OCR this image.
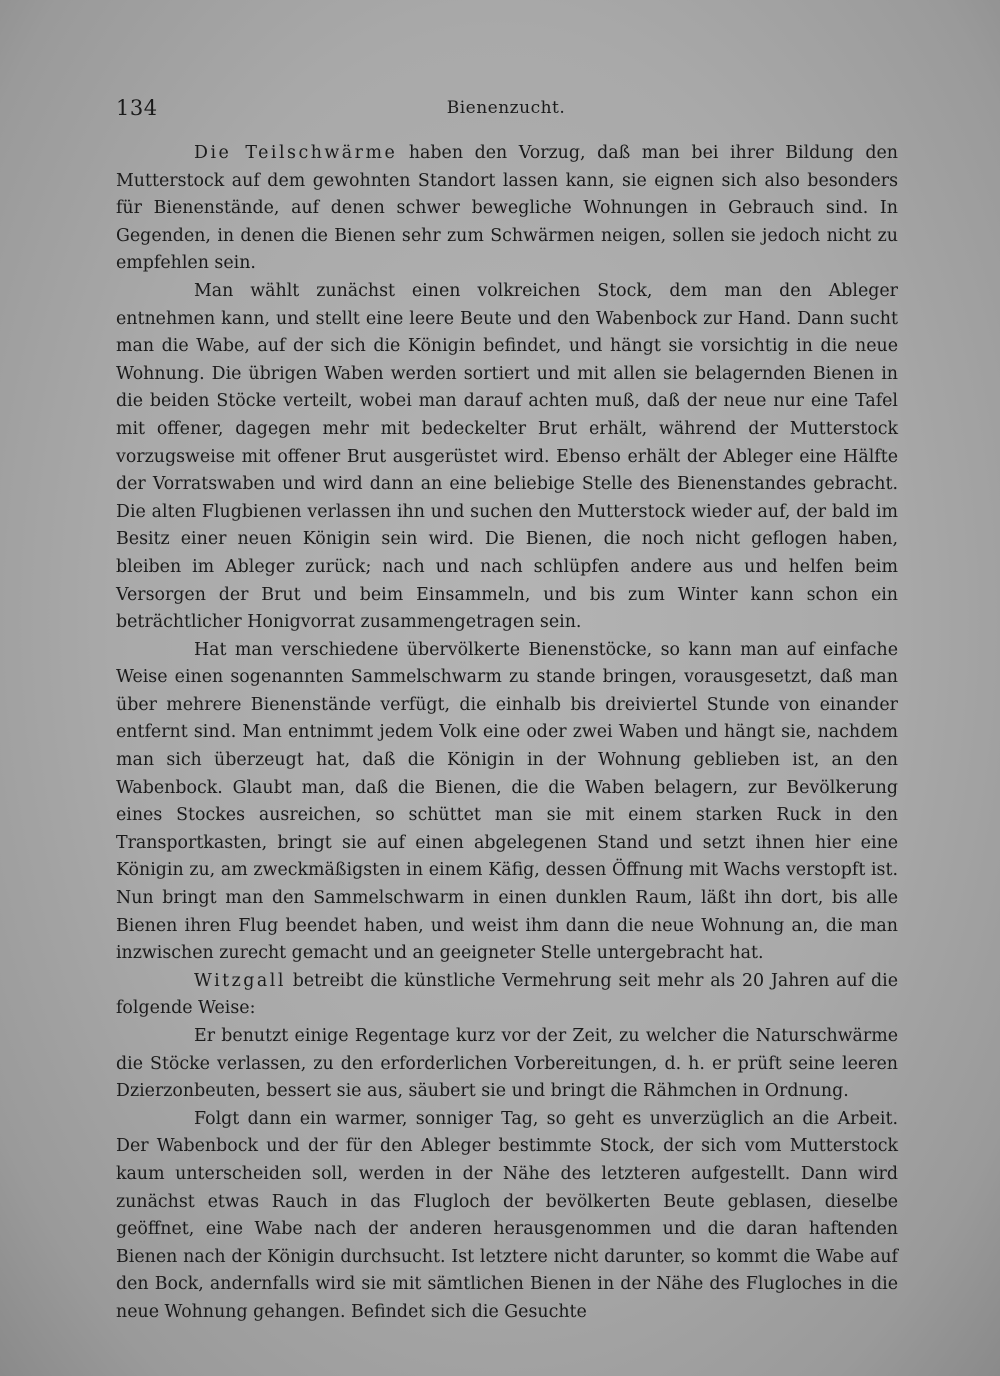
134	Bienenzucht.

Die Teilschwärme haben den Vorzug, daß man bei ihrer Bildung den Mutterstock auf dem gewohnten Standort lassen kann, sie eignen sich also besonders für Bienenstände, auf denen schwer bewegliche Wohnungen in Gebrauch sind. In Gegenden, in denen die Bienen sehr zum Schwärmen neigen, sollen sie jedoch nicht zu empfehlen sein.

Man wählt zunächst einen volkreichen Stock, dem man den Ableger entnehmen kann, und stellt eine leere Beute und den Wabenbock zur Hand. Dann sucht man die Wabe, auf der sich die Königin befindet, und hängt sie vorsichtig in die neue Wohnung. Die übrigen Waben werden sortiert und mit allen sie belagernden Bienen in die beiden Stöcke verteilt, wobei man darauf achten muß, daß der neue nur eine Tafel mit offener, dagegen mehr mit bedeckelter Brut erhält, während der Mutterstock vorzugsweise mit offener Brut ausgerüstet wird. Ebenso erhält der Ableger eine Hälfte der Vorratswaben und wird dann an eine beliebige Stelle des Bienenstandes gebracht. Die alten Flugbienen verlassen ihn und suchen den Mutterstock wieder auf, der bald im Besitz einer neuen Königin sein wird. Die Bienen, die noch nicht geflogen haben, bleiben im Ableger zurück; nach und nach schlüpfen andere aus und helfen beim Versorgen der Brut und beim Einsammeln, und bis zum Winter kann schon ein beträchtlicher Honigvorrat zusammengetragen sein.

Hat man verschiedene übervölkerte Bienenstöcke, so kann man auf einfache Weise einen sogenannten Sammelschwarm zu stande bringen, vorausgesetzt, daß man über mehrere Bienenstände verfügt, die einhalb bis dreiviertel Stunde von einander entfernt sind. Man entnimmt jedem Volk eine oder zwei Waben und hängt sie, nachdem man sich überzeugt hat, daß die Königin in der Wohnung geblieben ist, an den Wabenbock. Glaubt man, daß die Bienen, die die Waben belagern, zur Bevölkerung eines Stockes ausreichen, so schüttet man sie mit einem starken Ruck in den Transportkasten, bringt sie auf einen abgelegenen Stand und setzt ihnen hier eine Königin zu, am zweckmäßigsten in einem Käfig, dessen Öffnung mit Wachs verstopft ist. Nun bringt man den Sammelschwarm in einen dunklen Raum, läßt ihn dort, bis alle Bienen ihren Flug beendet haben, und weist ihm dann die neue Wohnung an, die man inzwischen zurecht gemacht und an geeigneter Stelle untergebracht hat.

Witzgall betreibt die künstliche Vermehrung seit mehr als 20 Jahren auf die folgende Weise:

Er benutzt einige Regentage kurz vor der Zeit, zu welcher die Naturschwärme die Stöcke verlassen, zu den erforderlichen Vorbereitungen, d. h. er prüft seine leeren Dzierzonbeuten, bessert sie aus, säubert sie und bringt die Rähmchen in Ordnung.

Folgt dann ein warmer, sonniger Tag, so geht es unverzüglich an die Arbeit. Der Wabenbock und der für den Ableger bestimmte Stock, der sich vom Mutterstock kaum unterscheiden soll, werden in der Nähe des letzteren aufgestellt. Dann wird zunächst etwas Rauch in das Flugloch der bevölkerten Beute geblasen, dieselbe geöffnet, eine Wabe nach der anderen herausgenommen und die daran haftenden Bienen nach der Königin durchsucht. Ist letztere nicht darunter, so kommt die Wabe auf den Bock, andernfalls wird sie mit sämtlichen Bienen in der Nähe des Flugloches in die neue Wohnung gehangen. Befindet sich die Gesuchte
